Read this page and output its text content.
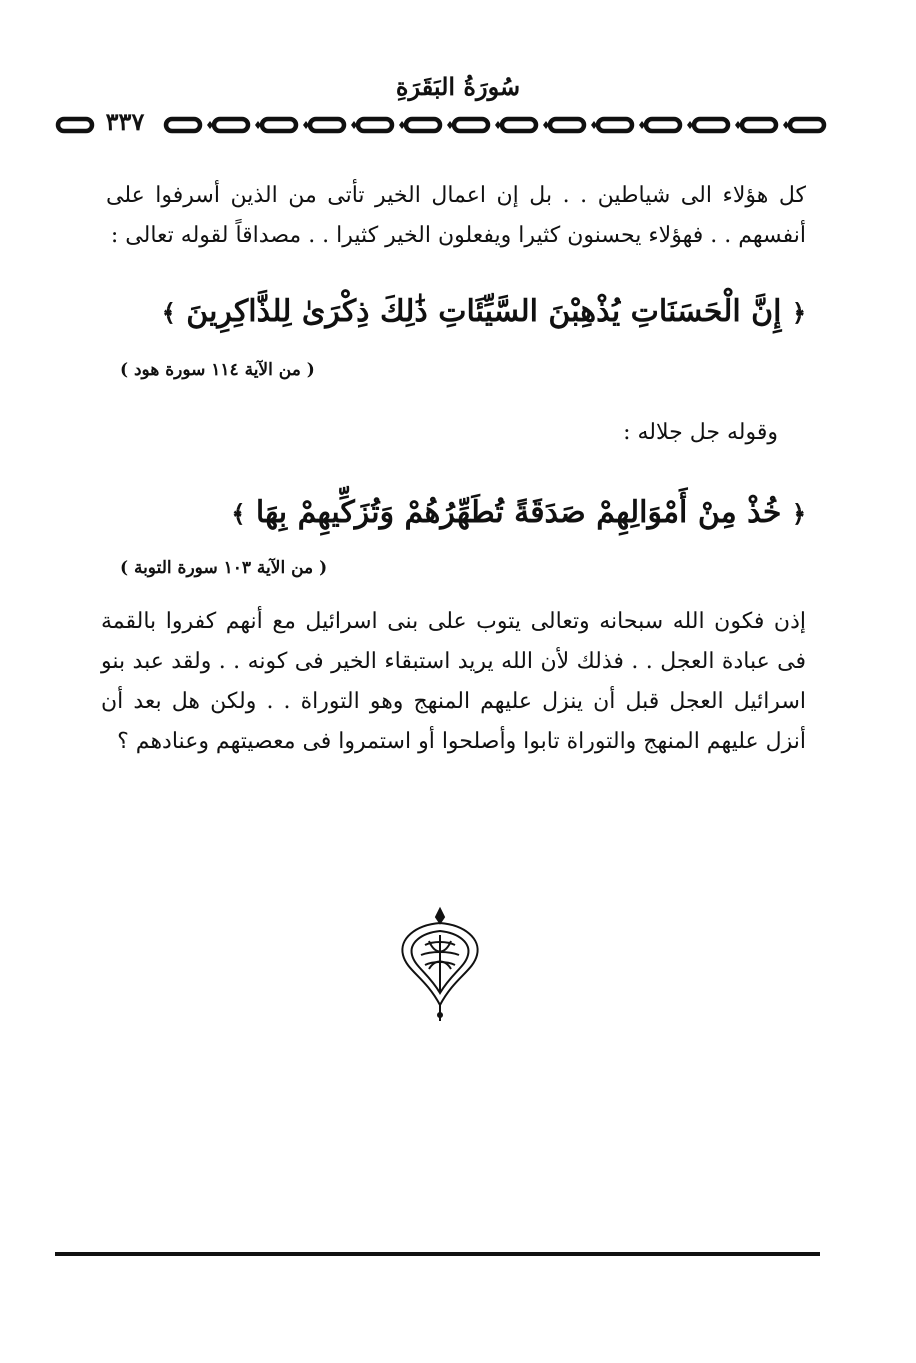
سُورَةُ البَقَرَةِ
٣٣٧
كل هؤلاء الى شياطين . . بل إن اعمال الخير تأتى من الذين أسرفوا على أنفسهم . . فهؤلاء يحسنون كثيرا ويفعلون الخير كثيرا . . مصداقاً لقوله تعالى :
﴿ إِنَّ الْحَسَنَاتِ يُذْهِبْنَ السَّيِّئَاتِ ذَٰلِكَ ذِكْرَىٰ لِلذَّاكِرِينَ ﴾
( من الآية ١١٤ سورة هود )
وقوله جل جلاله :
﴿ خُذْ مِنْ أَمْوَالِهِمْ صَدَقَةً تُطَهِّرُهُمْ وَتُزَكِّيهِمْ بِهَا ﴾
( من الآية ١٠٣ سورة التوبة )
إذن فكون الله سبحانه وتعالى يتوب على بنى اسرائيل مع أنهم كفروا بالقمة فى عبادة العجل . . فذلك لأن الله يريد استبقاء الخير فى كونه . . ولقد عبد بنو اسرائيل العجل قبل أن ينزل عليهم المنهج وهو التوراة . . ولكن هل بعد أن أنزل عليهم المنهج والتوراة تابوا وأصلحوا أو استمروا فى معصيتهم وعنادهم ؟
